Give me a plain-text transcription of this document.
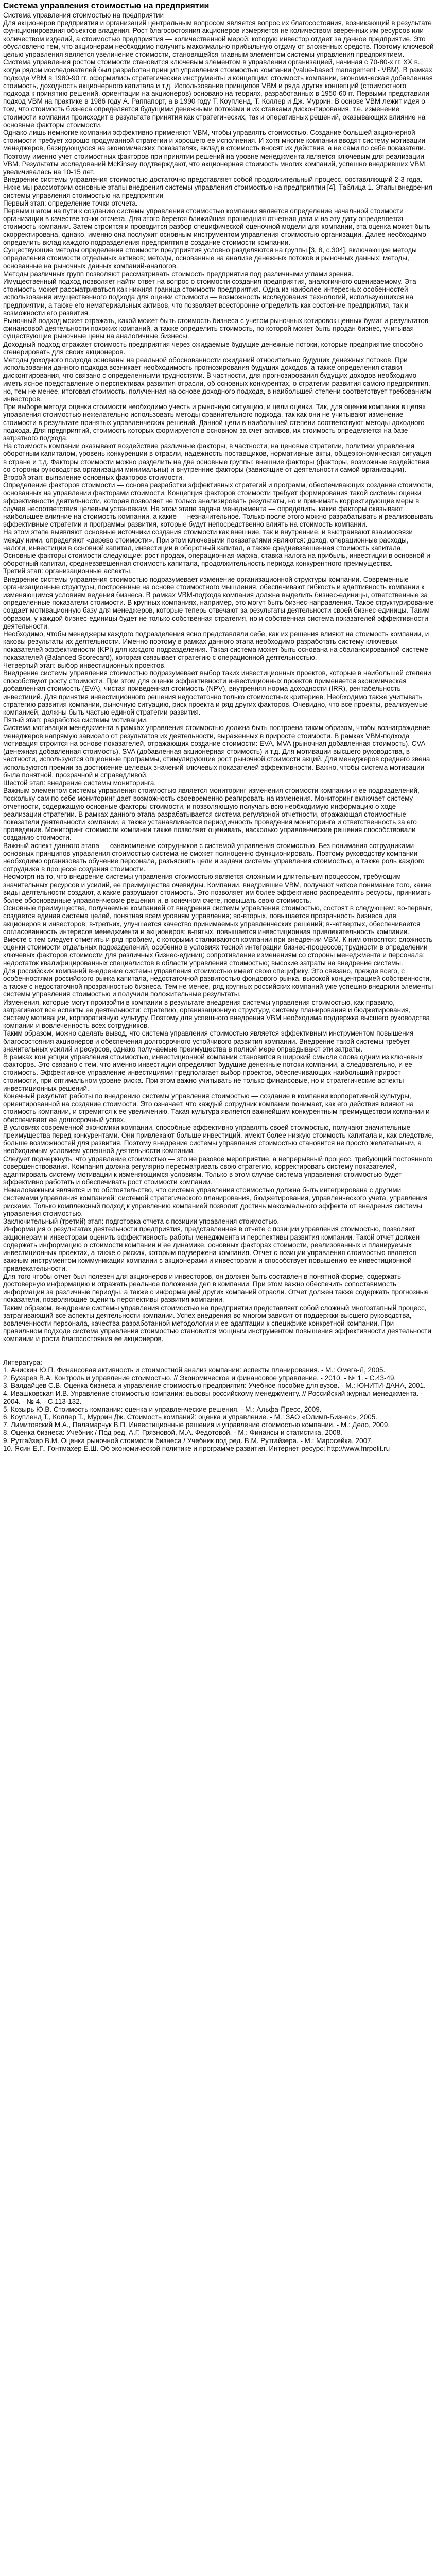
Система управления стоимостью на предприятии

Система управления стоимостью на предприятии

Для акционеров предприятия и организаций центральным вопросом является вопрос их благосостояния, возникающий в результате функционирования объектов владения. Рост благосостояния акционеров измеряется не количеством вверенных им ресурсов или количеством изделий, а стоимостью предприятия — количественной мерой, которую инвестор отдает за данное предприятие. Это обусловлено тем, что акционерам необходимо получить максимально прибыльную отдачу от вложенных средств. Поэтому ключевой целью управления является увеличение стоимости, становящейся главным элементом системы управления предприятием.

Система управления ростом стоимости становится ключевым элементом в управлении организацией, начиная с 70-80-х гг. XX в., когда рядом исследователей был разработан принцип управления стоимостью компании (value-based management - VBM). В рамках подхода VBM в 1980-90 гг. оформились стратегические инструменты и концепции: стоимость компании, экономическая добавленная стоимость, доходность акционерного капитала и т.д. Использование принципов VBM и ряда других концепций (стоимостного подхода к принятию решений, ориентации на акционеров) основано на теориях, разработанных в 1950-60 гг. Первыми представили подход VBM на практике в 1986 году А. Раппапорт, а в 1990 году Т. Коупленд, Т. Коллер и Дж. Муррин. В основе VBM лежит идея о том, что стоимость бизнеса определяется будущими денежными потоками и их ставками дисконтирования, т.е. изменение стоимости компании происходит в результате принятия как стратегических, так и оперативных решений, оказывающих влияние на основные факторы стоимости.

Однако лишь немногие компании эффективно применяют VBM, чтобы управлять стоимостью. Создание большей акционерной стоимости требует хорошо продуманной стратегии и хорошего ее исполнения. И хотя многие компании вводят систему мотивации менеджеров, базирующуюся на экономических показателях, вклад в стоимость вносят их действия, а не сами по себе показатели. Поэтому именно учет стоимостных факторов при принятии решений на уровне менеджмента является ключевым для реализации VBM. Результаты исследований McKinsey подтверждают, что акционерная стоимость многих компаний, успешно внедривших VBM, увеличивалась на 10-15 лет.

Внедрение системы управления стоимостью достаточно представляет собой продолжительный процесс, составляющий 2-3 года. Ниже мы рассмотрим основные этапы внедрения системы управления стоимостью на предприятии [4]. Таблица 1. Этапы внедрения системы управления стоимостью на предприятии

Первый этап: определение точки отсчета.

Первым шагом на пути к созданию системы управления стоимостью компании является определение начальной стоимости организации в качестве точки отсчета. Для этого берется ближайшая прошедшая отчетная дата и на эту дату определяется стоимость компании. Затем строится и проводится разбор специфической оценочной модели для компании, эта оценка может быть скорректирована, однако, именно она послужит основным инструментом управления стоимостью организации. Далее необходимо определить вклад каждого подразделения предприятия в создание стоимости компании.

Существующие методы определения стоимости предприятия условно разделяются на группы [3, 8, с.304], включающие методы определения стоимости отдельных активов; методы, основанные на анализе денежных потоков и рыночных данных; методы, основанные на рыночных данных компаний-аналогов.

Методы различных групп позволяют рассматривать стоимость предприятия под различными углами зрения.

Имущественный подход позволяет найти ответ на вопрос о стоимости создания предприятия, аналогичного оцениваемому. Эта стоимость может рассматриваться как нижняя граница стоимости предприятия. Одна из наиболее интересных особенностей использования имущественного подхода для оценки стоимости — возможность исследования технологий, использующихся на предприятии, а также его нематериальных активов, что позволяет всесторонне определить как состояние предприятия, так и возможности его развития.

Рыночный подход может отражать, какой может быть стоимость бизнеса с учетом рыночных котировок ценных бумаг и результатов финансовой деятельности похожих компаний, а также определить стоимость, по которой может быть продан бизнес, учитывая существующие рыночные цены на аналогичные бизнесы.

Доходный подход отражает стоимость предприятия через ожидаемые будущие денежные потоки, которые предприятие способно сгенерировать для своих акционеров.

Методы доходного подхода основаны на реальной обоснованности ожиданий относительно будущих денежных потоков. При использовании данного подхода возникает необходимость прогнозирования будущих доходов, а также определения ставки дисконтирования, что связано с определенными трудностями. В частности, для прогнозирования будущих доходов необходимо иметь ясное представление о перспективах развития отрасли, об основных конкурентах, о стратегии развития самого предприятия, но, тем не менее, итоговая стоимость, полученная на основе доходного подхода, в наибольшей степени соответствует требованиям инвесторов.

При выборе метода оценки стоимости необходимо учесть и рыночную ситуацию, и цели оценки. Так, для оценки компании в целях управления стоимостью нежелательно использовать методы сравнительного подхода, так как они не учитывают изменение стоимости в результате принятых управленческих решений. Данной цели в наибольшей степени соответствуют методы доходного подхода. Для предприятий, стоимость которых формируется в основном за счет активов, их стоимость определяется на базе затратного подхода.

На стоимость компании оказывают воздействие различные факторы, в частности, на ценовые стратегии, политики управления оборотным капиталом, уровень конкуренции в отрасли, надежность поставщиков, нормативные акты, общеэкономическая ситуация в стране и т.д. Факторы стоимости можно разделить на две основные группы: внешние факторы (факторы, возможные воздействия со стороны руководства организации минимальны) и внутренние факторы (зависящие от деятельности самой организации).

Второй этап: выявление основных факторов стоимости.

Определение факторов стоимости — основа разработки эффективных стратегий и программ, обеспечивающих создание стоимости, основанных на управлении факторами стоимости. Концепция факторов стоимости требует формирования такой системы оценки эффективности деятельности, которая позволяет не только анализировать результаты, но и принимать корректирующие меры в случае несоответствия целевым установкам. На этом этапе задача менеджмента — определить, какие факторы оказывают наибольшее влияние на стоимость компании, а какие — незначительное. Только после этого можно разрабатывать и реализовывать эффективные стратегии и программы развития, которые будут непосредственно влиять на стоимость компании.

На этом этапе выявляют основные источники создания стоимости как внешние, так и внутренние, и выстраивают взаимосвязи между ними, определяют «дерево стоимости». При этом ключевыми показателями являются: доход, операционные расходы, налоги, инвестиции в основной капитал, инвестиции в оборотный капитал, а также средневзвешенная стоимость капитала. Основные факторы стоимости следующие: рост продаж, операционная маржа, ставка налога на прибыль, инвестиции в основной и оборотный капитал, средневзвешенная стоимость капитала, продолжительность периода конкурентного преимущества.

Третий этап: организационные аспекты.

Внедрение системы управления стоимостью подразумевает изменение организационной структуры компании. Современные организационные структуры, построенные на основе стоимостного мышления, обеспечивают гибкость и адаптивность компании к изменяющимся условиям ведения бизнеса. В рамках VBM-подхода компания должна выделить бизнес-единицы, ответственные за определенные показатели стоимости. В крупных компаниях, например, это могут быть бизнес-направления. Такое структурирование создает мотивационную базу для менеджеров, которые теперь отвечают за результаты деятельности своей бизнес-единицы. Таким образом, у каждой бизнес-единицы будет не только собственная стратегия, но и собственная система показателей эффективности деятельности.

Необходимо, чтобы менеджеры каждого подразделения ясно представляли себе, как их решения влияют на стоимость компании, и каковы результаты их деятельности. Именно поэтому в рамках данного этапа необходимо разработать систему ключевых показателей эффективности (KPI) для каждого подразделения. Такая система может быть основана на сбалансированной системе показателей (Balanced Scorecard), которая связывает стратегию с операционной деятельностью.

Четвертый этап: выбор инвестиционных проектов.

Внедрение системы управления стоимостью подразумевает выбор таких инвестиционных проектов, которые в наибольшей степени способствуют росту стоимости. При этом для оценки эффективности инвестиционных проектов применяется экономическая добавленная стоимость (EVA), чистая приведенная стоимость (NPV), внутренняя норма доходности (IRR), рентабельность инвестиций. Для принятия инвестиционного решения недостаточно только стоимостных критериев. Необходимо также учитывать стратегию развития компании, рыночную ситуацию, риск проекта и ряд других факторов. Очевидно, что все проекты, реализуемые компанией, должны быть частью единой стратегии развития.

Пятый этап: разработка системы мотивации.

Система мотивации менеджмента в рамках управления стоимостью должна быть построена таким образом, чтобы вознаграждение менеджеров напрямую зависело от результатов их деятельности, выраженных в приросте стоимости. В рамках VBM-подхода мотивация строится на основе показателей, отражающих создание стоимости: EVA, MVA (рыночная добавленная стоимость), CVA (денежная добавленная стоимость), SVA (добавленная акционерная стоимость) и т.д. Для мотивации высшего руководства, в частности, используются опционные программы, стимулирующие рост рыночной стоимости акций. Для менеджеров среднего звена используются премии за достижение целевых значений ключевых показателей эффективности. Важно, чтобы система мотивации была понятной, прозрачной и справедливой.

Шестой этап: внедрение системы мониторинга.

Важным элементом системы управления стоимостью является мониторинг изменения стоимости компании и ее подразделений, поскольку сам по себе мониторинг дает возможность своевременно реагировать на изменения. Мониторинг включает систему отчетности, содержащую основные факторы стоимости, и позволяющую получать всю необходимую информацию о ходе реализации стратегии. В рамках данного этапа разрабатывается система регулярной отчетности, отражающая стоимостные показатели деятельности компании, а также устанавливается периодичность проведения мониторинга и ответственность за его проведение. Мониторинг стоимости компании также позволяет оценивать, насколько управленческие решения способствовали созданию стоимости.

Важный аспект данного этапа — ознакомление сотрудников с системой управления стоимостью. Без понимания сотрудниками основных принципов управления стоимостью система не сможет полноценно функционировать. Поэтому руководству компании необходимо организовать обучение персонала, разъяснить цели и задачи системы управления стоимостью, а также роль каждого сотрудника в процессе создания стоимости.

Несмотря на то, что внедрение системы управления стоимостью является сложным и длительным процессом, требующим значительных ресурсов и усилий, ее преимущества очевидны. Компании, внедрившие VBM, получают четкое понимание того, какие виды деятельности создают, а какие разрушают стоимость. Это позволяет им более эффективно распределять ресурсы, принимать более обоснованные управленческие решения и, в конечном счете, повышать свою стоимость.

Основные преимущества, получаемые компанией от внедрения системы управления стоимостью, состоят в следующем: во-первых, создается единая система целей, понятная всем уровням управления; во-вторых, повышается прозрачность бизнеса для акционеров и инвесторов; в-третьих, улучшается качество принимаемых управленческих решений; в-четвертых, обеспечивается согласованность интересов менеджмента и акционеров; в-пятых, повышается инвестиционная привлекательность компании.

Вместе с тем следует отметить и ряд проблем, с которыми сталкиваются компании при внедрении VBM. К ним относятся: сложность оценки стоимости отдельных подразделений, особенно в условиях тесной интеграции бизнес-процессов; трудности в определении ключевых факторов стоимости для различных бизнес-единиц; сопротивление изменениям со стороны менеджмента и персонала; недостаток квалифицированных специалистов в области управления стоимостью; высокие затраты на внедрение системы.

Для российских компаний внедрение системы управления стоимостью имеет свою специфику. Это связано, прежде всего, с особенностями российского рынка капитала, недостаточной развитостью фондового рынка, высокой концентрацией собственности, а также с недостаточной прозрачностью бизнеса. Тем не менее, ряд крупных российских компаний уже успешно внедрили элементы системы управления стоимостью и получили положительные результаты.

Изменения, которые могут произойти в компании в результате внедрения системы управления стоимостью, как правило, затрагивают все аспекты ее деятельности: стратегию, организационную структуру, систему планирования и бюджетирования, систему мотивации, корпоративную культуру. Поэтому для успешного внедрения VBM необходима поддержка высшего руководства компании и вовлеченность всех сотрудников.

Таким образом, можно сделать вывод, что система управления стоимостью является эффективным инструментом повышения благосостояния акционеров и обеспечения долгосрочного устойчивого развития компании. Внедрение такой системы требует значительных усилий и ресурсов, однако получаемые преимущества в полной мере оправдывают эти затраты.

В рамках концепции управления стоимостью, инвестиционной компании становится в широкий смысле слова одним из ключевых факторов. Это связано с тем, что именно инвестиции определяют будущие денежные потоки компании, а следовательно, и ее стоимость. Эффективное управление инвестициями предполагает выбор проектов, обеспечивающих наибольший прирост стоимости, при оптимальном уровне риска. При этом важно учитывать не только финансовые, но и стратегические аспекты инвестиционных решений.

Конечный результат работы по внедрению системы управления стоимостью — создание в компании корпоративной культуры, ориентированной на создание стоимости. Это означает, что каждый сотрудник компании понимает, как его действия влияют на стоимость компании, и стремится к ее увеличению. Такая культура является важнейшим конкурентным преимуществом компании и обеспечивает ее долгосрочный успех.

В условиях современной экономики компании, способные эффективно управлять своей стоимостью, получают значительные преимущества перед конкурентами. Они привлекают больше инвестиций, имеют более низкую стоимость капитала и, как следствие, больше возможностей для развития. Поэтому внедрение системы управления стоимостью становится не просто желательным, а необходимым условием успешной деятельности компании.

Следует подчеркнуть, что управление стоимостью — это не разовое мероприятие, а непрерывный процесс, требующий постоянного совершенствования. Компания должна регулярно пересматривать свою стратегию, корректировать систему показателей, адаптировать систему мотивации к изменяющимся условиям. Только в этом случае система управления стоимостью будет эффективно работать и обеспечивать рост стоимости компании.

Немаловажным является и то обстоятельство, что система управления стоимостью должна быть интегрирована с другими системами управления компанией: системой стратегического планирования, бюджетирования, управленческого учета, управления рисками. Только комплексный подход к управлению компанией позволит достичь максимального эффекта от внедрения системы управления стоимостью.

Заключительный (третий) этап: подготовка отчета с позиции управления стоимостью.

Информация о результатах деятельности предприятия, представленная в отчете с позиции управления стоимостью, позволяет акционерам и инвесторам оценить эффективность работы менеджмента и перспективы развития компании. Такой отчет должен содержать информацию о стоимости компании и ее динамике, основных факторах стоимости, реализованных и планируемых инвестиционных проектах, а также о рисках, которым подвержена компания. Отчет с позиции управления стоимостью является важным инструментом коммуникации компании с акционерами и инвесторами и способствует повышению ее инвестиционной привлекательности.

Для того чтобы отчет был полезен для акционеров и инвесторов, он должен быть составлен в понятной форме, содержать достоверную информацию и отражать реальное положение дел в компании. При этом важно обеспечить сопоставимость информации за различные периоды, а также с информацией других компаний отрасли. Отчет должен также содержать прогнозные показатели, позволяющие оценить перспективы развития компании.

Таким образом, внедрение системы управления стоимостью на предприятии представляет собой сложный многоэтапный процесс, затрагивающий все аспекты деятельности компании. Успех внедрения во многом зависит от поддержки высшего руководства, вовлеченности персонала, качества разработанной методологии и ее адаптации к специфике конкретной компании. При правильном подходе система управления стоимостью становится мощным инструментом повышения эффективности деятельности компании и роста благосостояния ее акционеров.

Литература:

1. Анискин Ю.П. Финансовая активность и стоимостной анализ компании: аспекты планирования. - М.: Омега-Л, 2005.

2. Бухарев В.А. Контроль и управление стоимостью. // Экономическое и финансовое управление. - 2010. - № 1. - С.43-49.

3. Валдайцев С.В. Оценка бизнеса и управление стоимостью предприятия: Учебное пособие для вузов. - М.: ЮНИТИ-ДАНА, 2001.

4. Ивашковская И.В. Управление стоимостью компании: вызовы российскому менеджменту. // Российский журнал менеджмента. - 2004. - № 4. - С.113-132.

5. Козырь Ю.В. Стоимость компании: оценка и управленческие решения. - М.: Альфа-Пресс, 2009.

6. Коупленд Т., Коллер Т., Муррин Дж. Стоимость компаний: оценка и управление. - М.: ЗАО «Олимп-Бизнес», 2005.

7. Лимитовский М.А., Паламарчук В.П. Инвестиционные решения и управление стоимостью компании. - М.: Дело, 2009.

8. Оценка бизнеса: Учебник / Под ред. А.Г. Грязновой, М.А. Федотовой. - М.: Финансы и статистика, 2008.

9. Рутгайзер В.М. Оценка рыночной стоимости бизнеса / Учебник под ред. В.М. Рутгайзера. - М.: Маросейка, 2007.

10. Ясин Е.Г., Гонтмахер Е.Ш. Об экономической политике и программе развития. Интернет-ресурс: http://www.fnrpolit.ru
